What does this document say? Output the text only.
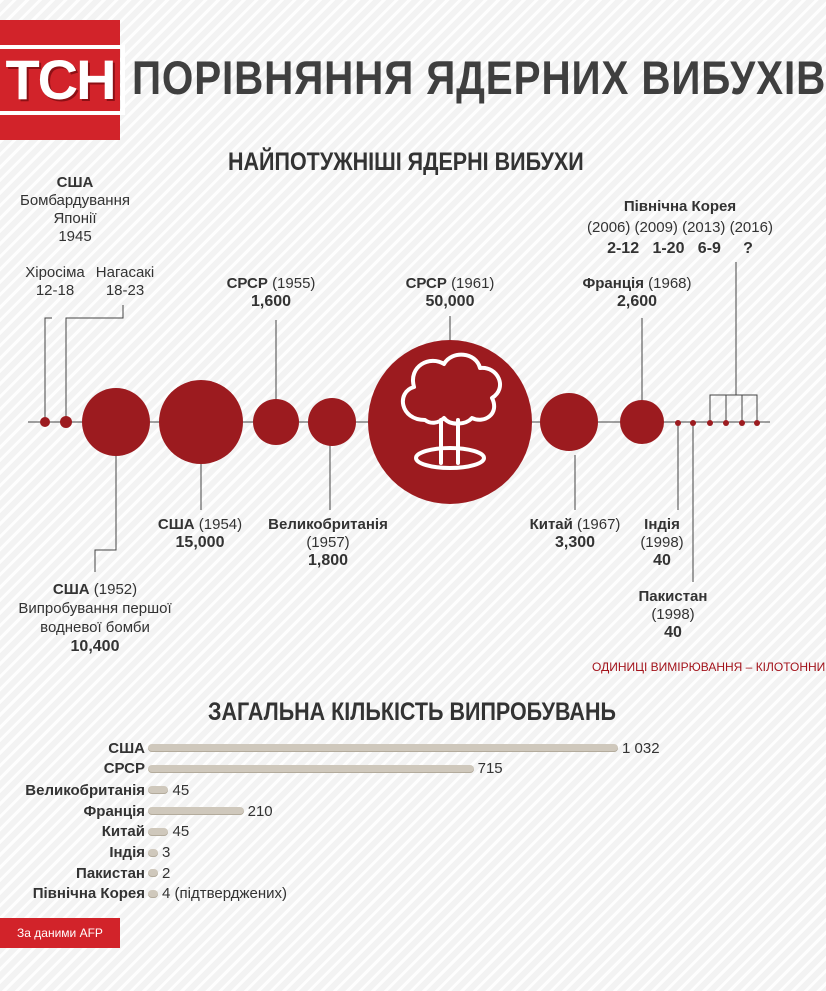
ТСН ПОРІВНЯННЯ ЯДЕРНИХ ВИБУХІВ
НАЙПОТУЖНІШІ ЯДЕРНІ ВИБУХИ
США
Бомбардування
Японії
1945
Хіросіма
12-18
Нагасакі
18-23	СРСР (1955)
1,600
СРСР (1961)
50,000
Франція (1968)
2,600
Північна Корея
(2006) (2009) (2013) (2016)
2-12   1-20   6-9     ?
США (1952)
Випробування першої
водневої бомби
10,400
США (1954)
15,000
Великобританія
(1957)
1,800
Китай (1967)
3,300
Індія
(1998)
40
Пакистан
(1998)
40
ОДИНИЦІ ВИМІРЮВАННЯ – КІЛОТОННИ
ЗАГАЛЬНА КІЛЬКІСТЬ ВИПРОБУВАНЬ
США	1 032
СРСР	715
Великобританія 45
Франція	210
Китай 45
Індія 3
Пакистан 2
Північна Корея 4 (підтверджених)
За даними AFP
